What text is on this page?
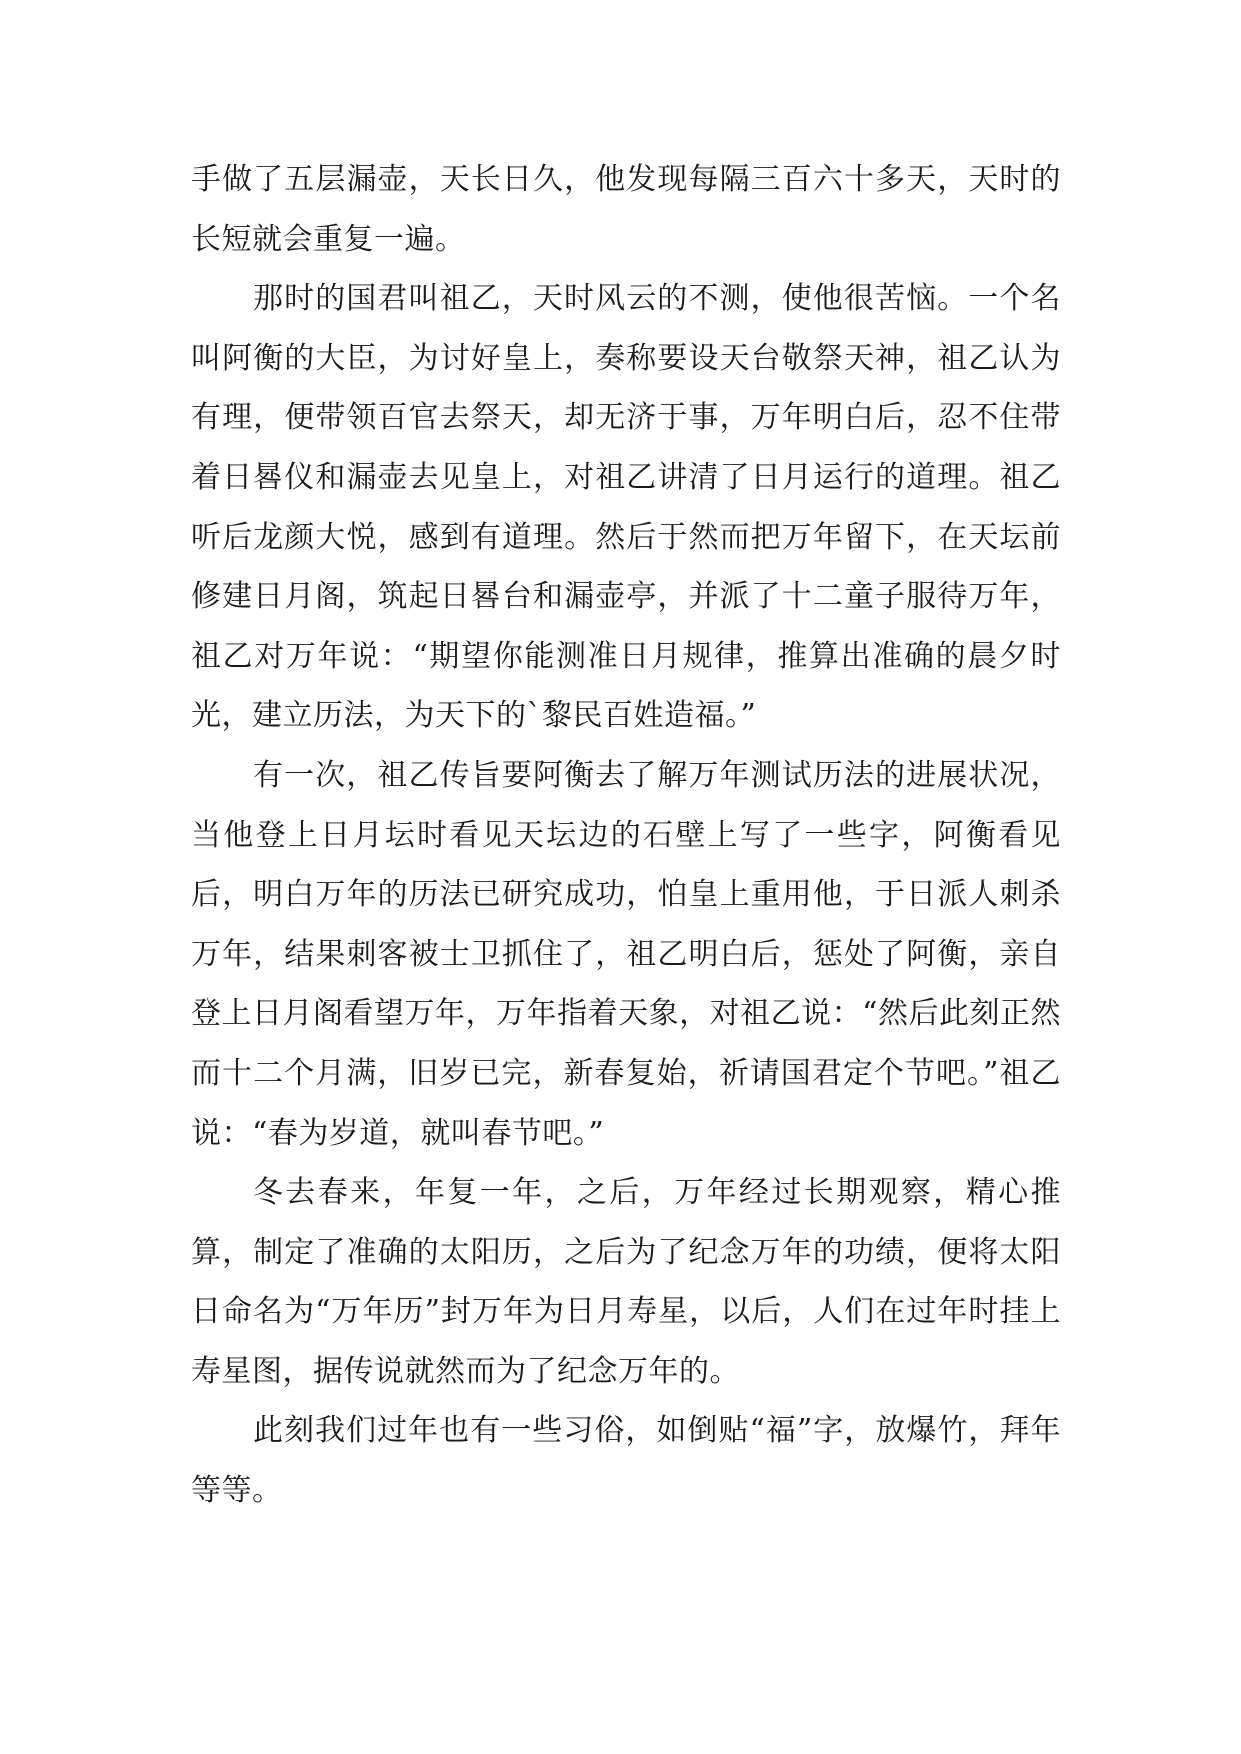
手做了五层漏壶，天长日久，他发现每隔三百六十多天，天时的长短就会重复一遍。

那时的国君叫祖乙，天时风云的不测，使他很苦恼。一个名叫阿衡的大臣，为讨好皇上，奏称要设天台敬祭天神，祖乙认为有理，便带领百官去祭天，却无济于事，万年明白后，忍不住带着日晷仪和漏壶去见皇上，对祖乙讲清了日月运行的道理。祖乙听后龙颜大悦，感到有道理。然后于然而把万年留下，在天坛前修建日月阁，筑起日晷台和漏壶亭，并派了十二童子服待万年，祖乙对万年说：“期望你能测准日月规律，推算出准确的晨夕时光，建立历法，为天下的`黎民百姓造福。”

有一次，祖乙传旨要阿衡去了解万年测试历法的进展状况，当他登上日月坛时看见天坛边的石壁上写了一些字，阿衡看见后，明白万年的历法已研究成功，怕皇上重用他，于日派人刺杀万年，结果刺客被士卫抓住了，祖乙明白后，惩处了阿衡，亲自登上日月阁看望万年，万年指着天象，对祖乙说：“然后此刻正然而十二个月满，旧岁已完，新春复始，祈请国君定个节吧。”祖乙说：“春为岁道，就叫春节吧。”

冬去春来，年复一年，之后，万年经过长期观察，精心推算，制定了准确的太阳历，之后为了纪念万年的功绩，便将太阳日命名为“万年历”封万年为日月寿星，以后，人们在过年时挂上寿星图，据传说就然而为了纪念万年的。

此刻我们过年也有一些习俗，如倒贴“福”字，放爆竹，拜年等等。
